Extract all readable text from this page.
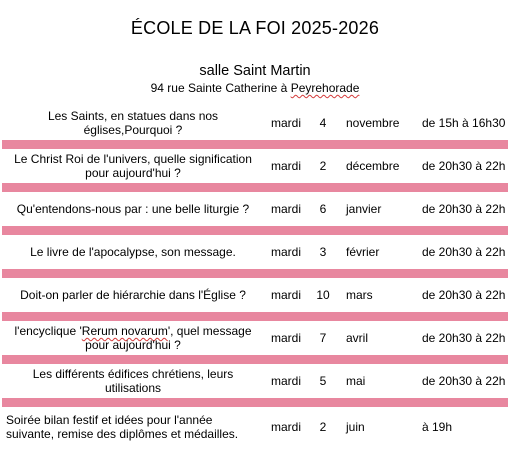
ÉCOLE DE LA FOI 2025-2026
salle Saint Martin
94 rue Sainte Catherine à Peyrehorade
Les Saints, en statues dans nos églises,Pourquoi ?	mardi	4	novembre	de 15h à 16h30

Le Christ Roi de l'univers, quelle signification pour aujourd'hui ?	mardi	2	décembre	de 20h30 à 22h

Qu'entendons-nous par : une belle liturgie ?	mardi	6	janvier	de 20h30 à 22h

Le livre de l'apocalypse, son message.	mardi	3	février	de 20h30 à 22h

Doit-on parler de hiérarchie dans l'Église ?	mardi	10	mars	de 20h30 à 22h

l'encyclique 'Rerum novarum', quel message pour aujourd'hui ?	mardi	7	avril	de 20h30 à 22h

Les différents édifices chrétiens, leurs utilisations	mardi	5	mai	de 20h30 à 22h

Soirée bilan festif et idées pour l'année suivante, remise des diplômes et médailles.	mardi	2	juin	à 19h
